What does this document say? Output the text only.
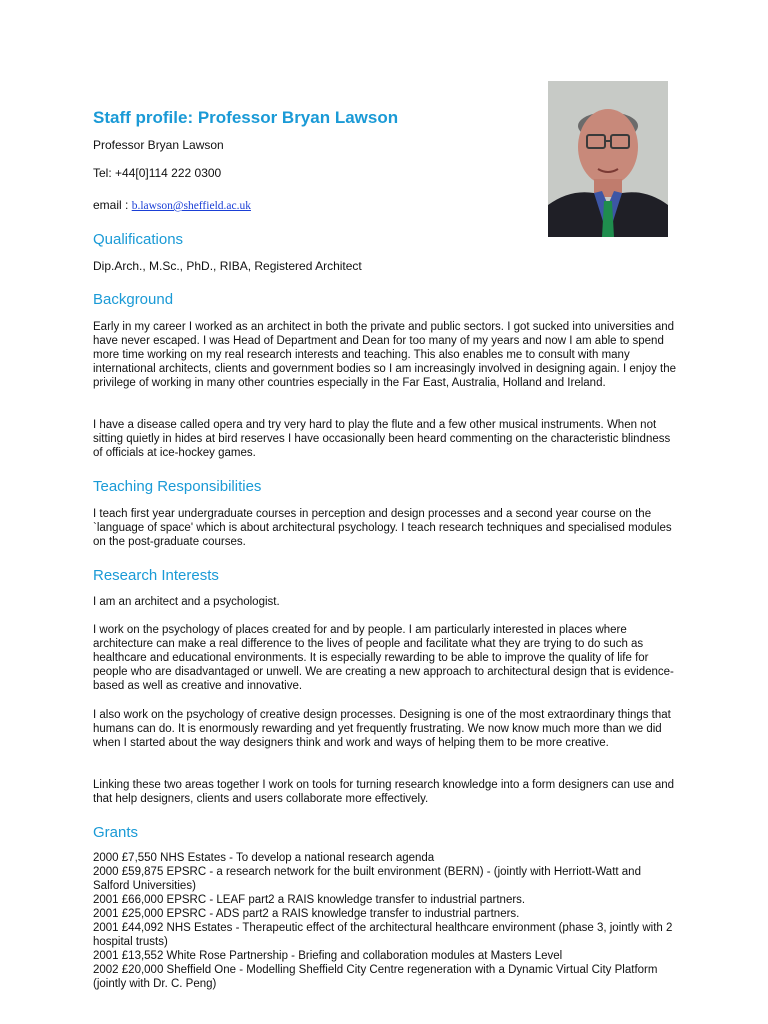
Staff profile: Professor Bryan Lawson
Professor Bryan Lawson
Tel: +44[0]114 222 0300
email : b.lawson@sheffield.ac.uk
Qualifications
Dip.Arch., M.Sc., PhD., RIBA, Registered Architect
Background

Early in my career I worked as an architect in both the private and public sectors. I got sucked into universities and have never escaped. I was Head of Department and Dean for too many of my years and now I am able to spend more time working on my real research interests and teaching. This also enables me to consult with many international architects, clients and government bodies so I am increasingly involved in designing again. I enjoy the privilege of working in many other countries especially in the Far East, Australia, Holland and Ireland.

I have a disease called opera and try very hard to play the flute and a few other musical instruments. When not sitting quietly in hides at bird reserves I have occasionally been heard commenting on the characteristic blindness of officials at ice-hockey games.

Teaching Responsibilities

I teach first year undergraduate courses in perception and design processes and a second year course on the `language of space' which is about architectural psychology. I teach research techniques and specialised modules on the post-graduate courses.

Research Interests

I am an architect and a psychologist.

I work on the psychology of places created for and by people. I am particularly interested in places where architecture can make a real difference to the lives of people and facilitate what they are trying to do such as healthcare and educational environments. It is especially rewarding to be able to improve the quality of life for people who are disadvantaged or unwell. We are creating a new approach to architectural design that is evidence-based as well as creative and innovative.

I also work on the psychology of creative design processes. Designing is one of the most extraordinary things that humans can do. It is enormously rewarding and yet frequently frustrating. We now know much more than we did when I started about the way designers think and work and ways of helping them to be more creative.

Linking these two areas together I work on tools for turning research knowledge into a form designers can use and that help designers, clients and users collaborate more effectively.

Grants
2000 £7,550 NHS Estates - To develop a national research agenda
2000 £59,875 EPSRC - a research network for the built environment (BERN) - (jointly with Herriott-Watt and Salford Universities)
2001 £66,000 EPSRC - LEAF part2 a RAIS knowledge transfer to industrial partners.
2001 £25,000 EPSRC - ADS part2 a RAIS knowledge transfer to industrial partners.
2001 £44,092 NHS Estates - Therapeutic effect of the architectural healthcare environment (phase 3, jointly with 2 hospital trusts)
2001 £13,552 White Rose Partnership - Briefing and collaboration modules at Masters Level
2002 £20,000 Sheffield One - Modelling Sheffield City Centre regeneration with a Dynamic Virtual City Platform (jointly with Dr. C. Peng)
